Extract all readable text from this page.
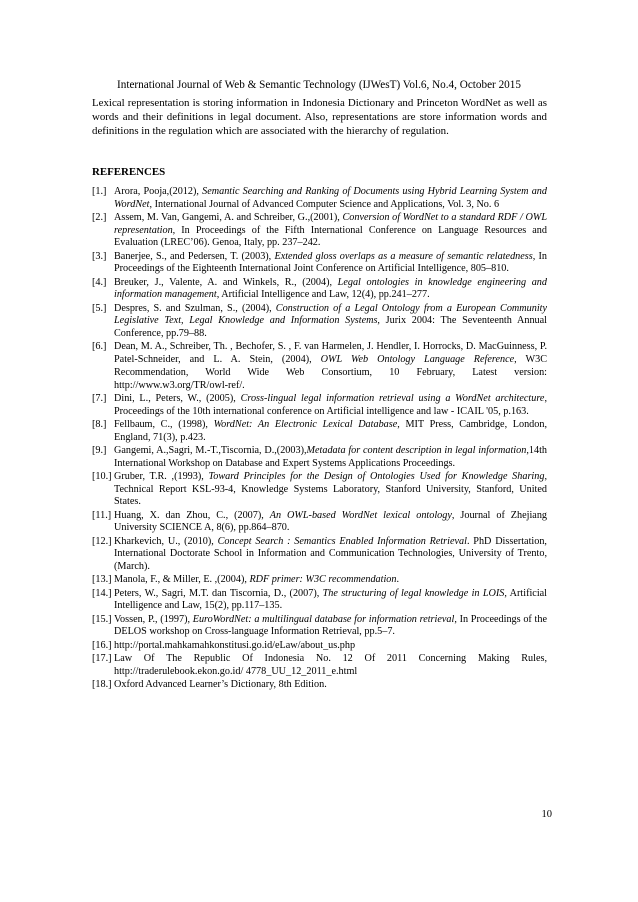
International Journal of Web & Semantic Technology (IJWesT) Vol.6, No.4, October 2015
Lexical representation is storing information in Indonesia Dictionary and Princeton WordNet as well as words and their definitions in legal document. Also, representations are store information words and definitions in the regulation which are associated with the hierarchy of regulation.
REFERENCES
[1.] Arora, Pooja,(2012), Semantic Searching and Ranking of Documents using Hybrid Learning System and WordNet, International Journal of Advanced Computer Science and Applications, Vol. 3, No. 6
[2.] Assem, M. Van, Gangemi, A. and Schreiber, G.,(2001), Conversion of WordNet to a standard RDF / OWL representation, In Proceedings of the Fifth International Conference on Language Resources and Evaluation (LREC’06). Genoa, Italy, pp. 237–242.
[3.] Banerjee, S., and Pedersen, T. (2003), Extended gloss overlaps as a measure of semantic relatedness, In Proceedings of the Eighteenth International Joint Conference on Artificial Intelligence, 805–810.
[4.] Breuker, J., Valente, A. and Winkels, R., (2004), Legal ontologies in knowledge engineering and information management, Artificial Intelligence and Law, 12(4), pp.241–277.
[5.] Despres, S. and Szulman, S., (2004), Construction of a Legal Ontology from a European Community Legislative Text, Legal Knowledge and Information Systems, Jurix 2004: The Seventeenth Annual Conference, pp.79–88.
[6.] Dean, M. A., Schreiber, Th. , Bechofer, S. , F. van Harmelen, J. Hendler, I. Horrocks, D. MacGuinness, P. Patel-Schneider, and L. A. Stein, (2004), OWL Web Ontology Language Reference, W3C Recommendation, World Wide Web Consortium, 10 February, Latest version: http://www.w3.org/TR/owl-ref/.
[7.] Dini, L., Peters, W., (2005), Cross-lingual legal information retrieval using a WordNet architecture, Proceedings of the 10th international conference on Artificial intelligence and law - ICAIL '05, p.163.
[8.] Fellbaum, C., (1998), WordNet: An Electronic Lexical Database, MIT Press, Cambridge, London, England, 71(3), p.423.
[9.] Gangemi, A.,Sagri, M.-T.,Tiscornia, D.,(2003),Metadata for content description in legal information,14th International Workshop on Database and Expert Systems Applications Proceedings.
[10.] Gruber, T.R. ,(1993), Toward Principles for the Design of Ontologies Used for Knowledge Sharing, Technical Report KSL-93-4, Knowledge Systems Laboratory, Stanford University, Stanford, United States.
[11.] Huang, X. dan Zhou, C., (2007), An OWL-based WordNet lexical ontology, Journal of Zhejiang University SCIENCE A, 8(6), pp.864–870.
[12.] Kharkevich, U., (2010), Concept Search : Semantics Enabled Information Retrieval. PhD Dissertation, International Doctorate School in Information and Communication Technologies, University of Trento, (March).
[13.] Manola, F., & Miller, E. ,(2004), RDF primer: W3C recommendation.
[14.] Peters, W., Sagri, M.T. dan Tiscornia, D., (2007), The structuring of legal knowledge in LOIS, Artificial Intelligence and Law, 15(2), pp.117–135.
[15.] Vossen, P., (1997), EuroWordNet: a multilingual database for information retrieval, In Proceedings of the DELOS workshop on Cross-language Information Retrieval, pp.5–7.
[16.] http://portal.mahkamahkonstitusi.go.id/eLaw/about_us.php
[17.] Law Of The Republic Of Indonesia No. 12 Of 2011 Concerning Making Rules, http://traderulebook.ekon.go.id/ 4778_UU_12_2011_e.html
[18.] Oxford Advanced Learner’s Dictionary, 8th Edition.
10
